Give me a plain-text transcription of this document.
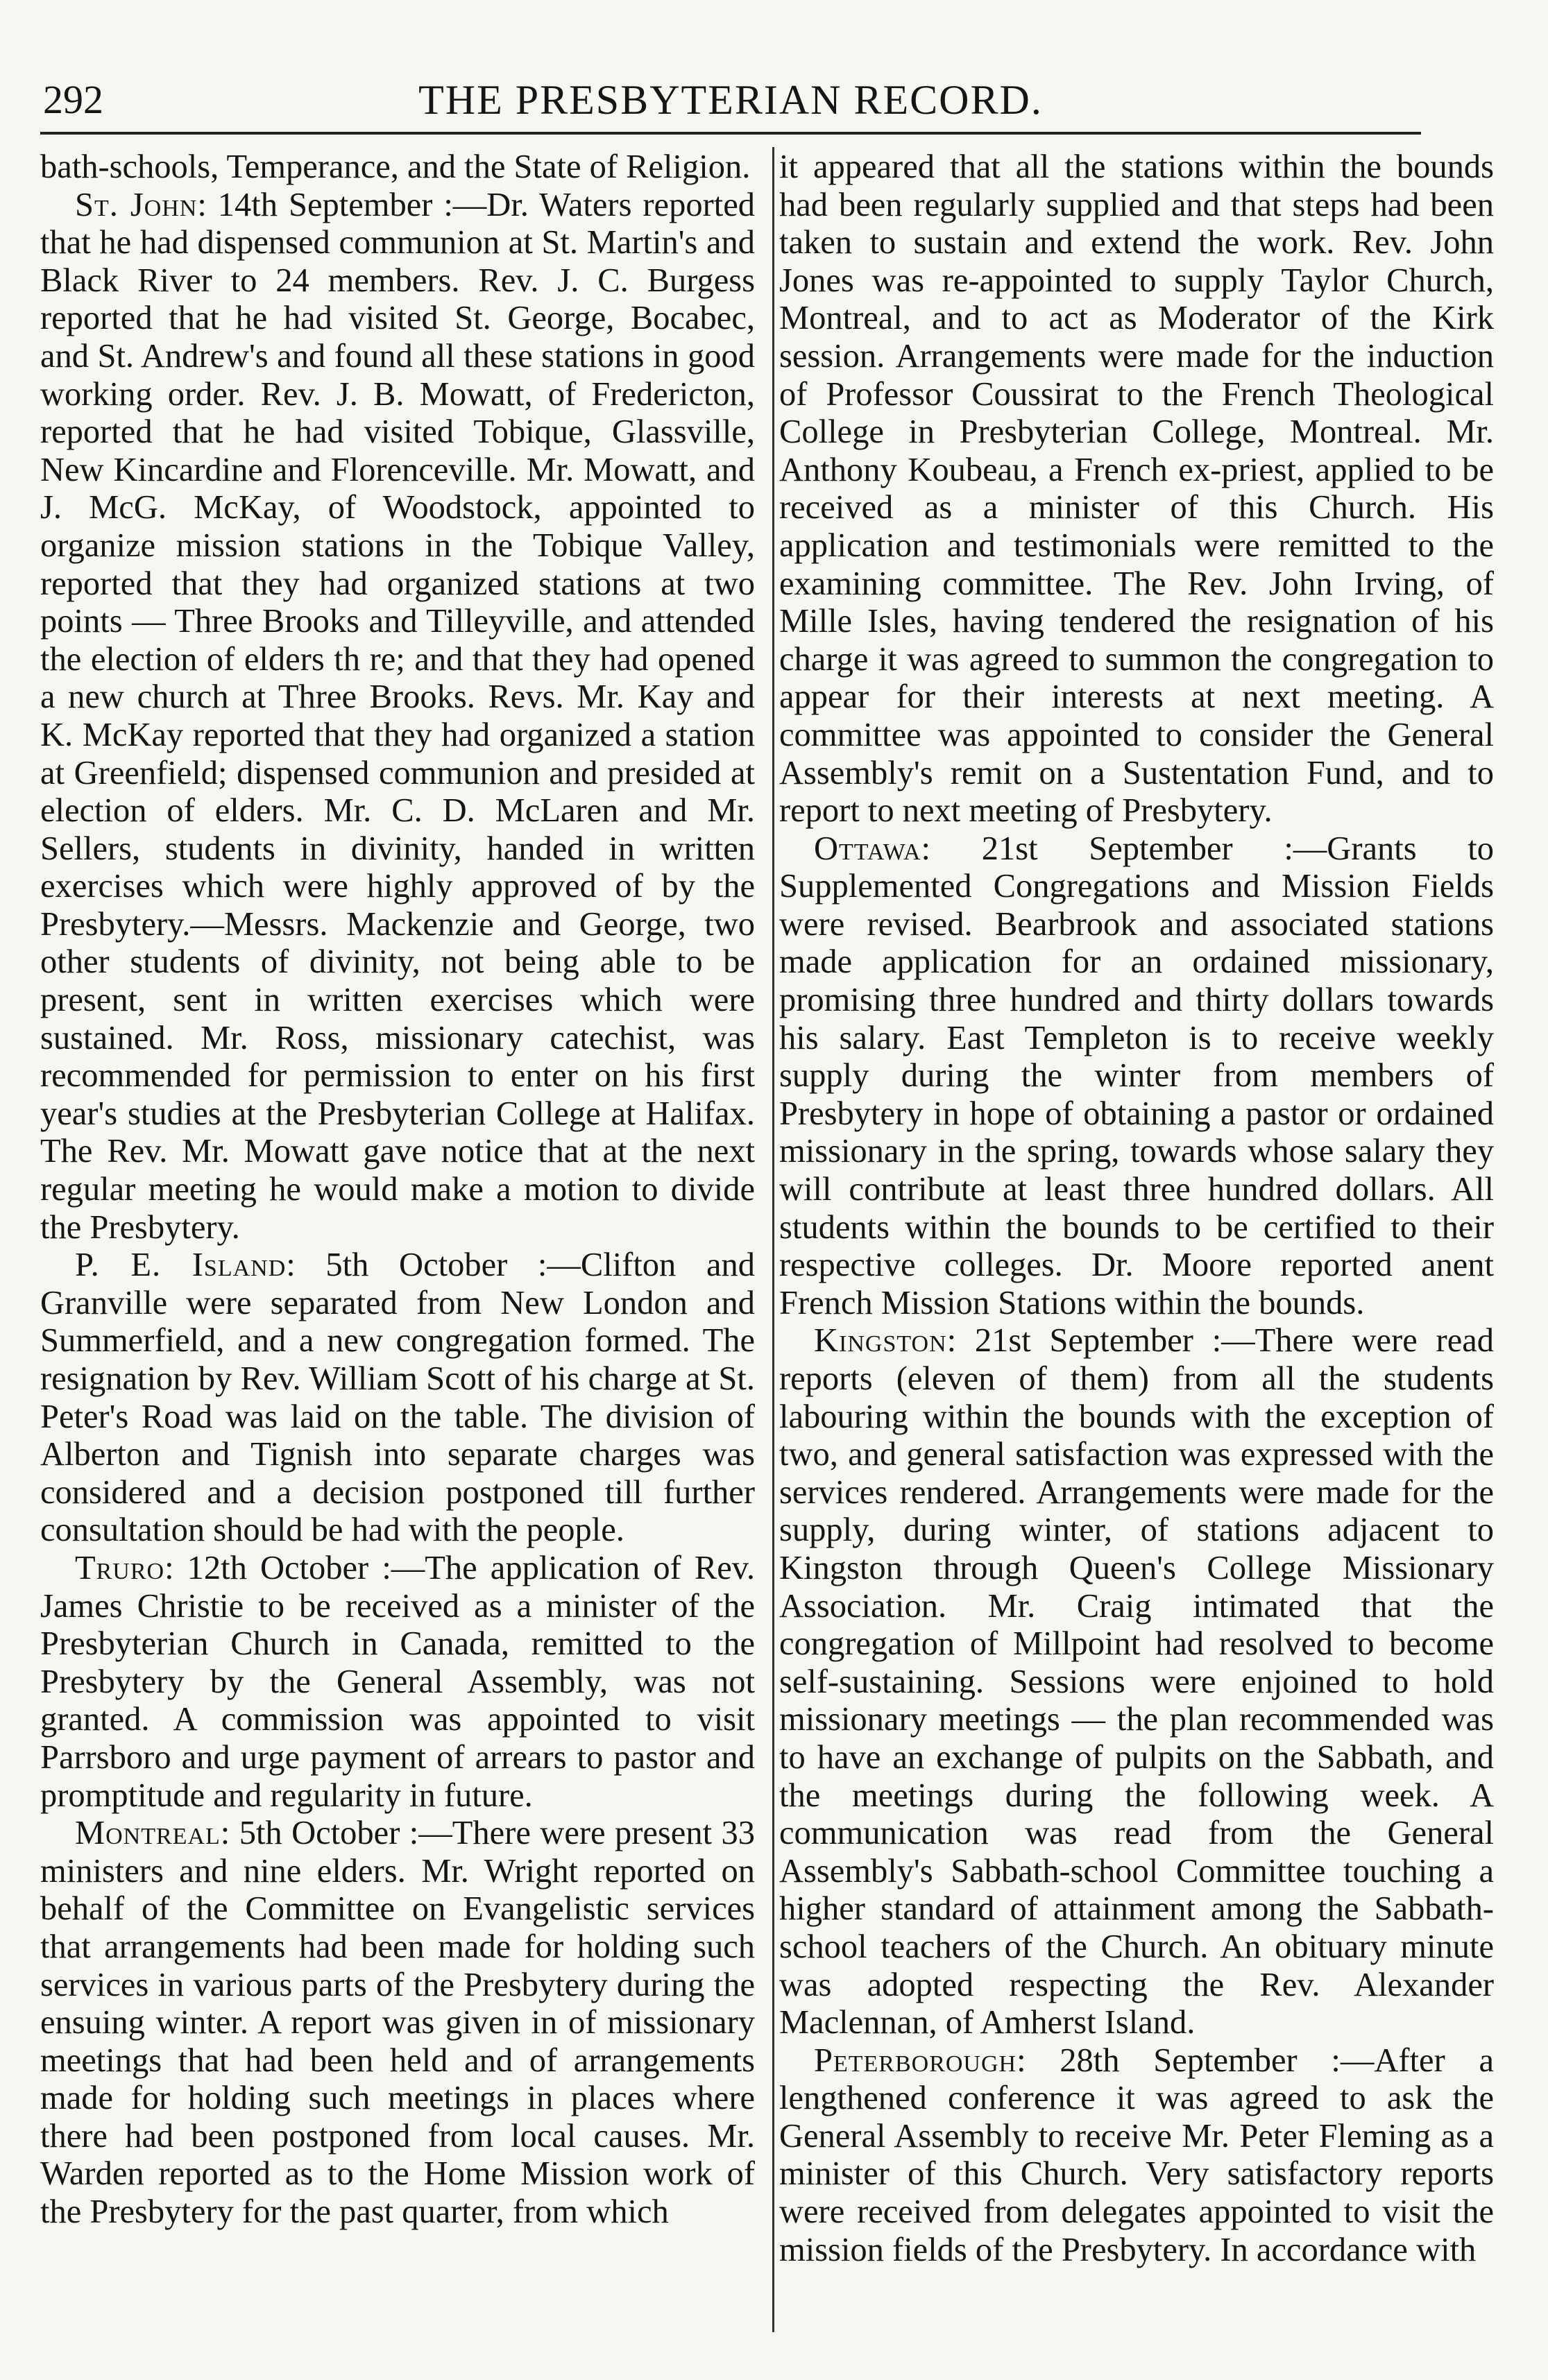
292	THE PRESBYTERIAN RECORD.

bath-schools, Temperance, and the State of Religion.

St. John: 14th September :—Dr. Waters reported that he had dispensed communion at St. Martin's and Black River to 24 members. Rev. J. C. Burgess reported that he had visited St. George, Bocabec, and St. Andrew's and found all these stations in good working order. Rev. J. B. Mowatt, of Fredericton, reported that he had visited Tobique, Glassville, New Kincardine and Florenceville. Mr. Mowatt, and J. McG. McKay, of Woodstock, appointed to organize mission stations in the Tobique Valley, reported that they had organized stations at two points — Three Brooks and Tilleyville, and attended the election of elders th re; and that they had opened a new church at Three Brooks. Revs. Mr. Kay and K. McKay reported that they had organized a station at Greenfield; dispensed communion and presided at election of elders. Mr. C. D. McLaren and Mr. Sellers, students in divinity, handed in written exercises which were highly approved of by the Presbytery.—Messrs. Mackenzie and George, two other students of divinity, not being able to be present, sent in written exercises which were sustained. Mr. Ross, missionary catechist, was recommended for permission to enter on his first year's studies at the Presbyterian College at Halifax. The Rev. Mr. Mowatt gave notice that at the next regular meeting he would make a motion to divide the Presbytery.

P. E. Island: 5th October :—Clifton and Granville were separated from New London and Summerfield, and a new congregation formed. The resignation by Rev. William Scott of his charge at St. Peter's Road was laid on the table. The division of Alberton and Tignish into separate charges was considered and a decision postponed till further consultation should be had with the people.

Truro: 12th October :—The application of Rev. James Christie to be received as a minister of the Presbyterian Church in Canada, remitted to the Presbytery by the General Assembly, was not granted. A commission was appointed to visit Parrsboro and urge payment of arrears to pastor and promptitude and regularity in future.

Montreal: 5th October :—There were present 33 ministers and nine elders. Mr. Wright reported on behalf of the Committee on Evangelistic services that arrangements had been made for holding such services in various parts of the Presbytery during the ensuing winter. A report was given in of missionary meetings that had been held and of arrangements made for holding such meetings in places where there had been postponed from local causes. Mr. Warden reported as to the Home Mission work of the Presbytery for the past quarter, from which

it appeared that all the stations within the bounds had been regularly supplied and that steps had been taken to sustain and extend the work. Rev. John Jones was re-appointed to supply Taylor Church, Montreal, and to act as Moderator of the Kirk session. Arrangements were made for the induction of Professor Coussirat to the French Theological College in Presbyterian College, Montreal. Mr. Anthony Koubeau, a French ex-priest, applied to be received as a minister of this Church. His application and testimonials were remitted to the examining committee. The Rev. John Irving, of Mille Isles, having tendered the resignation of his charge it was agreed to summon the congregation to appear for their interests at next meeting. A committee was appointed to consider the General Assembly's remit on a Sustentation Fund, and to report to next meeting of Presbytery.

Ottawa: 21st September :—Grants to Supplemented Congregations and Mission Fields were revised. Bearbrook and associated stations made application for an ordained missionary, promising three hundred and thirty dollars towards his salary. East Templeton is to receive weekly supply during the winter from members of Presbytery in hope of obtaining a pastor or ordained missionary in the spring, towards whose salary they will contribute at least three hundred dollars. All students within the bounds to be certified to their respective colleges. Dr. Moore reported anent French Mission Stations within the bounds.

Kingston: 21st September :—There were read reports (eleven of them) from all the students labouring within the bounds with the exception of two, and general satisfaction was expressed with the services rendered. Arrangements were made for the supply, during winter, of stations adjacent to Kingston through Queen's College Missionary Association. Mr. Craig intimated that the congregation of Millpoint had resolved to become self-sustaining. Sessions were enjoined to hold missionary meetings — the plan recommended was to have an exchange of pulpits on the Sabbath, and the meetings during the following week. A communication was read from the General Assembly's Sabbath-school Committee touching a higher standard of attainment among the Sabbath-school teachers of the Church. An obituary minute was adopted respecting the Rev. Alexander Maclennan, of Amherst Island.

Peterborough: 28th September :—After a lengthened conference it was agreed to ask the General Assembly to receive Mr. Peter Fleming as a minister of this Church. Very satisfactory reports were received from delegates appointed to visit the mission fields of the Presbytery. In accordance with
